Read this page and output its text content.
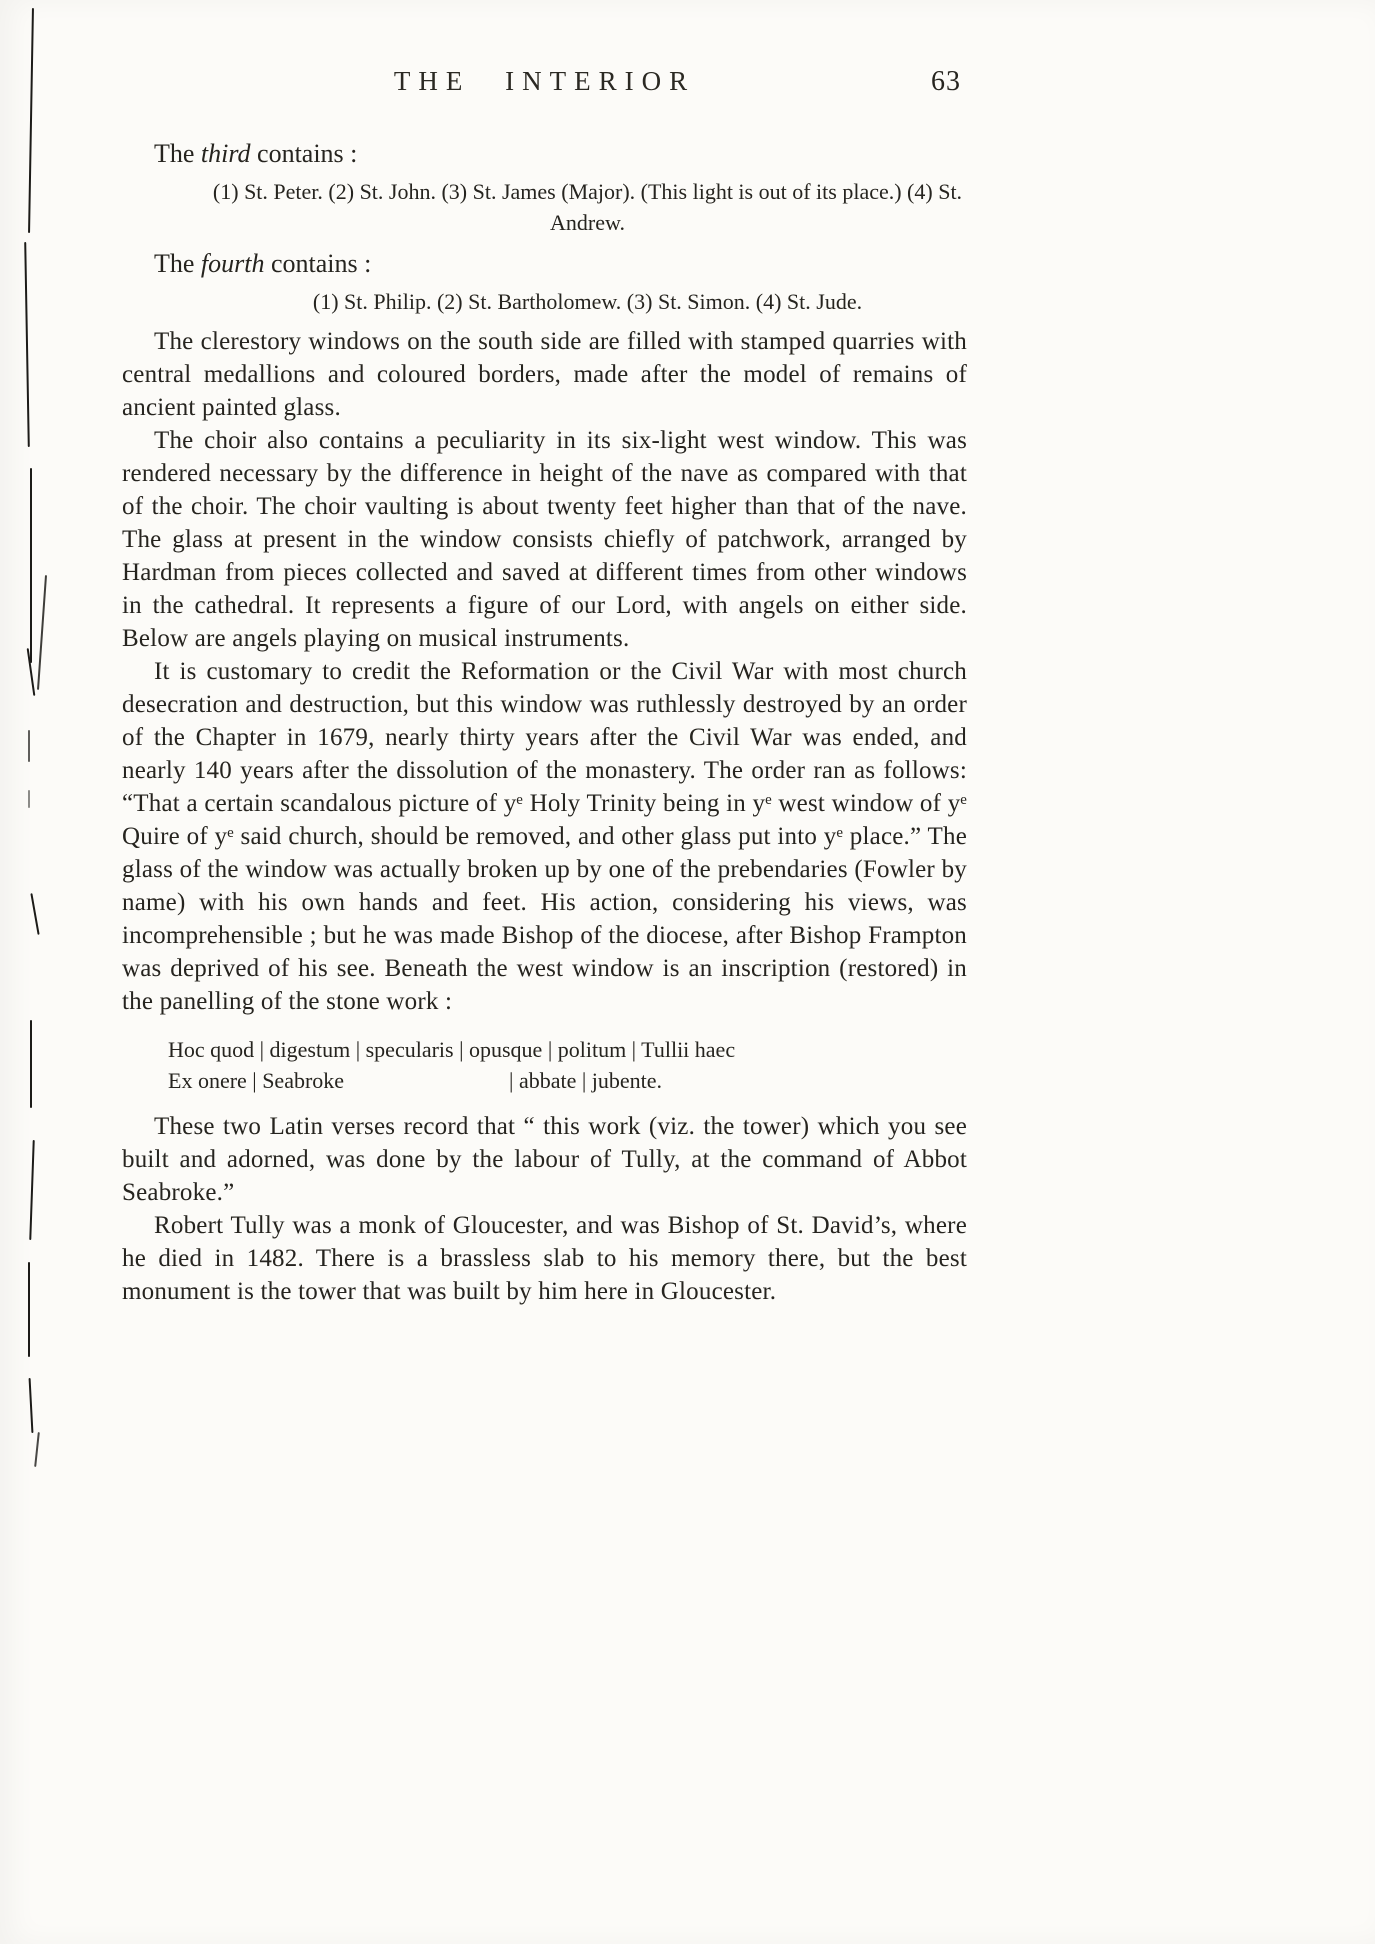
THE INTERIOR	63

The third contains :

(1) St. Peter. (2) St. John. (3) St. James (Major). (This light is out of its place.) (4) St. Andrew.

The fourth contains :

(1) St. Philip. (2) St. Bartholomew. (3) St. Simon. (4) St. Jude.

The clerestory windows on the south side are filled with stamped quarries with central medallions and coloured borders, made after the model of remains of ancient painted glass.

The choir also contains a peculiarity in its six-light west window. This was rendered necessary by the difference in height of the nave as compared with that of the choir. The choir vaulting is about twenty feet higher than that of the nave. The glass at present in the window consists chiefly of patchwork, arranged by Hardman from pieces collected and saved at different times from other windows in the cathedral. It represents a figure of our Lord, with angels on either side. Below are angels playing on musical instruments.

It is customary to credit the Reformation or the Civil War with most church desecration and destruction, but this window was ruthlessly destroyed by an order of the Chapter in 1679, nearly thirty years after the Civil War was ended, and nearly 140 years after the dissolution of the monastery. The order ran as follows: “That a certain scandalous picture of yᵉ Holy Trinity being in yᵉ west window of yᵉ Quire of yᵉ said church, should be removed, and other glass put into yᵉ place.” The glass of the window was actually broken up by one of the prebendaries (Fowler by name) with his own hands and feet. His action, considering his views, was incomprehensible ; but he was made Bishop of the diocese, after Bishop Frampton was deprived of his see. Beneath the west window is an inscription (restored) in the panelling of the stone work :

Hoc quod | digestum | specularis | opusque | politum | Tullii haec

Ex onere | Seabroke                              | abbate | jubente.

These two Latin verses record that “ this work (viz. the tower) which you see built and adorned, was done by the labour of Tully, at the command of Abbot Seabroke.”

Robert Tully was a monk of Gloucester, and was Bishop of St. David’s, where he died in 1482. There is a brassless slab to his memory there, but the best monument is the tower that was built by him here in Gloucester.
